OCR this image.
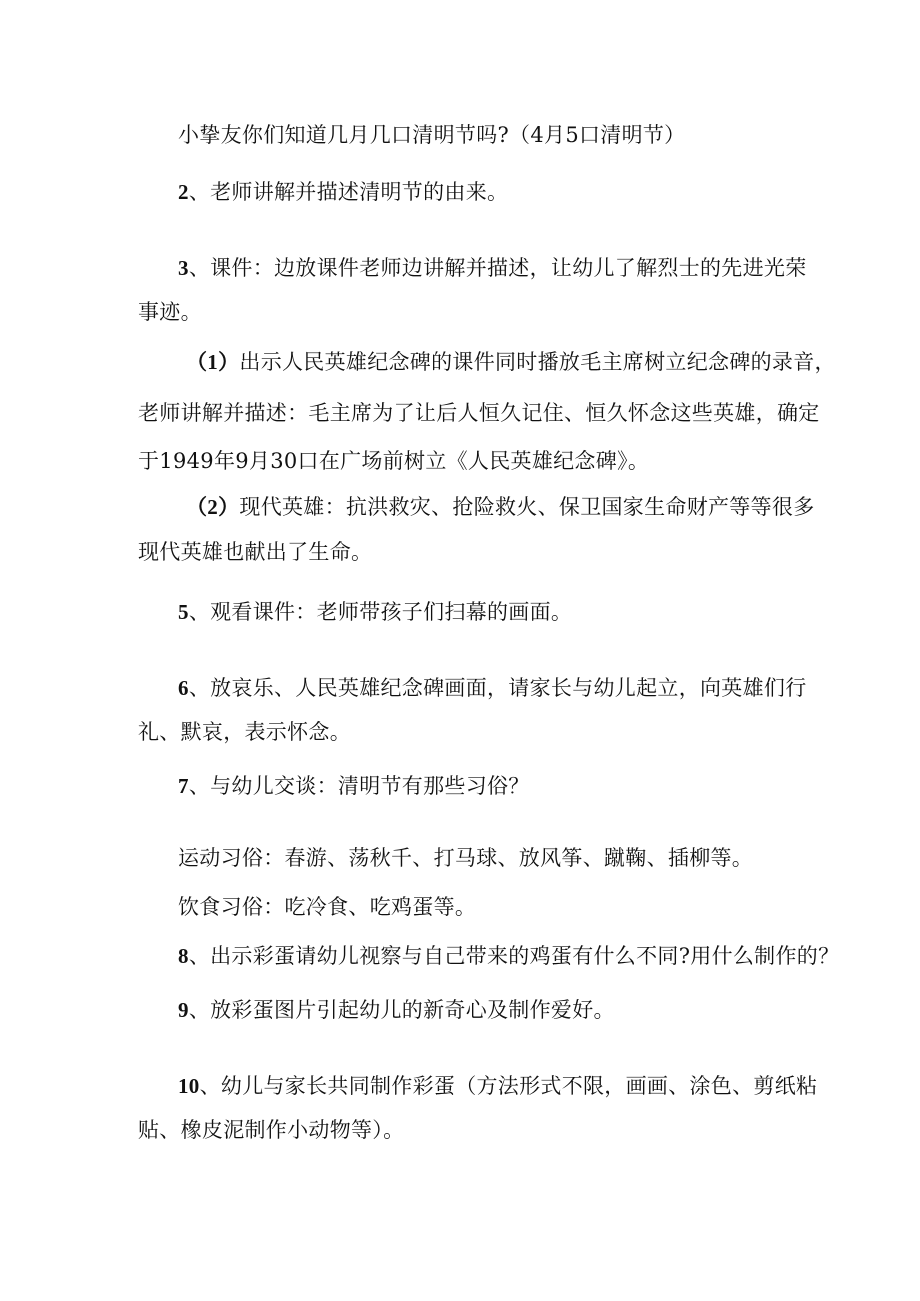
小挚友你们知道几月几口清明节吗?（4月5口清明节）
2、老师讲解并描述清明节的由来。
3、课件：边放课件老师边讲解并描述，让幼儿了解烈士的先进光荣
事迹。
（1）出示人民英雄纪念碑的课件同时播放毛主席树立纪念碑的录音，
老师讲解并描述：毛主席为了让后人恒久记住、恒久怀念这些英雄，确定
于1949年9月30口在广场前树立《人民英雄纪念碑》。
（2）现代英雄：抗洪救灾、抢险救火、保卫国家生命财产等等很多
现代英雄也献出了生命。
5、观看课件：老师带孩子们扫幕的画面。
6、放哀乐、人民英雄纪念碑画面，请家长与幼儿起立，向英雄们行
礼、默哀，表示怀念。
7、与幼儿交谈：清明节有那些习俗？
运动习俗：春游、荡秋千、打马球、放风筝、蹴鞠、插柳等。
饮食习俗：吃冷食、吃鸡蛋等。
8、出示彩蛋请幼儿视察与自己带来的鸡蛋有什么不同?用什么制作的？
9、放彩蛋图片引起幼儿的新奇心及制作爱好。
10、幼儿与家长共同制作彩蛋（方法形式不限，画画、涂色、剪纸粘
贴、橡皮泥制作小动物等）。
